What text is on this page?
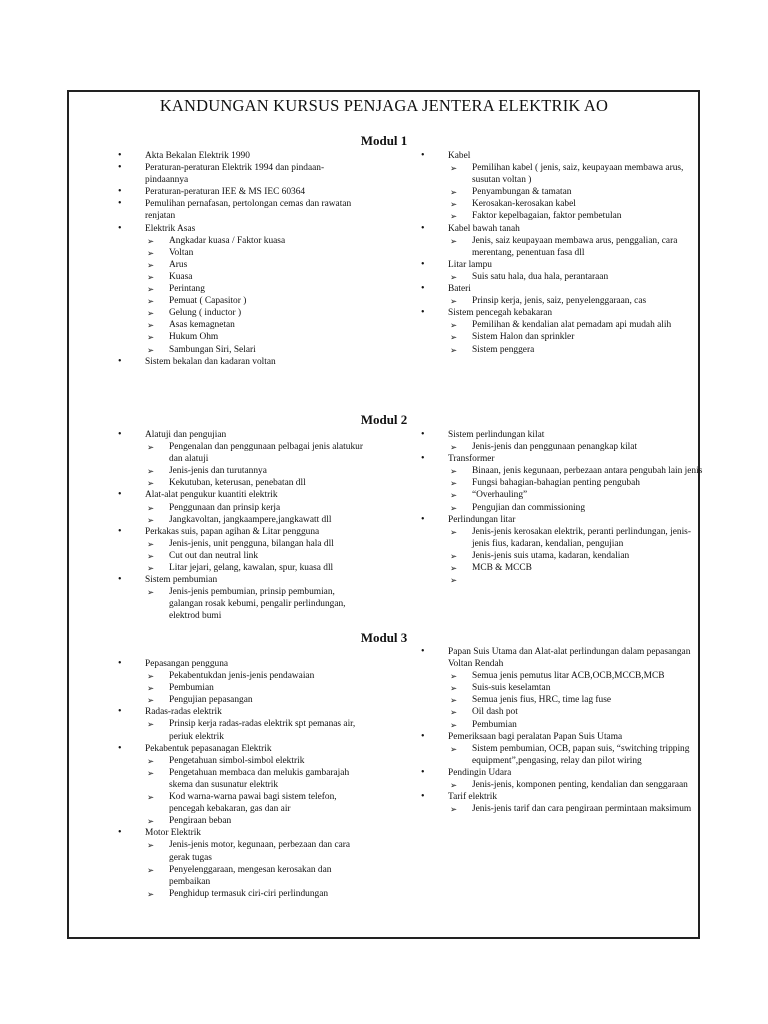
KANDUNGAN KURSUS PENJAGA JENTERA ELEKTRIK AO
Modul 1
• Akta Bekalan Elektrik 1990
• Peraturan-peraturan Elektrik 1994 dan pindaan-pindaannya
• Peraturan-peraturan IEE & MS IEC 60364
• Pemulihan pernafasan, pertolongan cemas dan rawatan renjatan
• Elektrik Asas
➢ Angkadar kuasa / Faktor kuasa
➢ Voltan
➢ Arus
➢ Kuasa
➢ Perintang
➢ Pemuat ( Capasitor )
➢ Gelung ( inductor )
➢ Asas kemagnetan
➢ Hukum Ohm
➢ Sambungan Siri, Selari
• Sistem bekalan dan kadaran voltan
• Kabel
➢ Pemilihan kabel ( jenis, saiz, keupayaan membawa arus, susutan voltan )
➢ Penyambungan & tamatan
➢ Kerosakan-kerosakan kabel
➢ Faktor kepelbagaian, faktor pembetulan
• Kabel bawah tanah
➢ Jenis, saiz keupayaan membawa arus, penggalian, cara merentang, penentuan fasa dll
• Litar lampu
➢ Suis satu hala, dua hala, perantaraan
• Bateri
➢ Prinsip kerja, jenis, saiz, penyelenggaraan, cas
• Sistem pencegah kebakaran
➢ Pemilihan & kendalian alat pemadam api mudah alih
➢ Sistem Halon dan sprinkler
➢ Sistem penggera
Modul 2
• Alatuji dan pengujian
➢ Pengenalan dan penggunaan pelbagai jenis alatukur dan alatuji
➢ Jenis-jenis dan turutannya
➢ Kekutuban, keterusan, penebatan dll
• Alat-alat pengukur kuantiti elektrik
➢ Penggunaan dan prinsip kerja
➢ Jangkavoltan, jangkaampere,jangkawatt dll
• Perkakas suis, papan agihan & Litar pengguna
➢ Jenis-jenis, unit pengguna, bilangan hala dll
➢ Cut out dan neutral link
➢ Litar jejari, gelang, kawalan, spur, kuasa dll
• Sistem pembumian
➢ Jenis-jenis pembumian, prinsip pembumian, galangan rosak kebumi, pengalir perlindungan, elektrod bumi
• Sistem perlindungan kilat
➢ Jenis-jenis dan penggunaan penangkap kilat
• Transformer
➢ Binaan, jenis kegunaan, perbezaan antara pengubah lain jenis
➢ Fungsi bahagian-bahagian penting pengubah
➢ “Overhauling”
➢ Pengujian dan commissioning
• Perlindungan litar
➢ Jenis-jenis kerosakan elektrik, peranti perlindungan, jenis-jenis fius, kadaran, kendalian, pengujian
➢ Jenis-jenis suis utama, kadaran, kendalian
➢ MCB & MCCB
Modul 3
• Pepasangan pengguna
➢ Pekabentukdan jenis-jenis pendawaian
➢ Pembumian
➢ Pengujian pepasangan
• Radas-radas elektrik
➢ Prinsip kerja radas-radas elektrik spt pemanas air, periuk elektrik
• Pekabentuk pepasanagan Elektrik
➢ Pengetahuan simbol-simbol elektrik
➢ Pengetahuan membaca dan melukis gambarajah skema dan susunatur elektrik
➢ Kod warna-warna pawai bagi sistem telefon, pencegah kebakaran, gas dan air
➢ Pengiraan beban
• Motor Elektrik
➢ Jenis-jenis motor, kegunaan, perbezaan dan cara gerak tugas
➢ Penyelenggaraan, mengesan kerosakan dan pembaikan
➢ Penghidup termasuk ciri-ciri perlindungan
• Papan Suis Utama dan Alat-alat perlindungan dalam pepasangan Voltan Rendah
➢ Semua jenis pemutus litar ACB,OCB,MCCB,MCB
➢ Suis-suis keselamtan
➢ Semua jenis fius, HRC, time lag fuse
➢ Oil dash pot
➢ Pembumian
• Pemeriksaan bagi peralatan Papan Suis Utama
➢ Sistem pembumian, OCB, papan suis, “switching tripping equipment”,pengasing, relay dan pilot wiring
• Pendingin Udara
➢ Jenis-jenis, komponen penting, kendalian dan senggaraan
• Tarif elektrik
➢ Jenis-jenis tarif dan cara pengiraan permintaan maksimum
